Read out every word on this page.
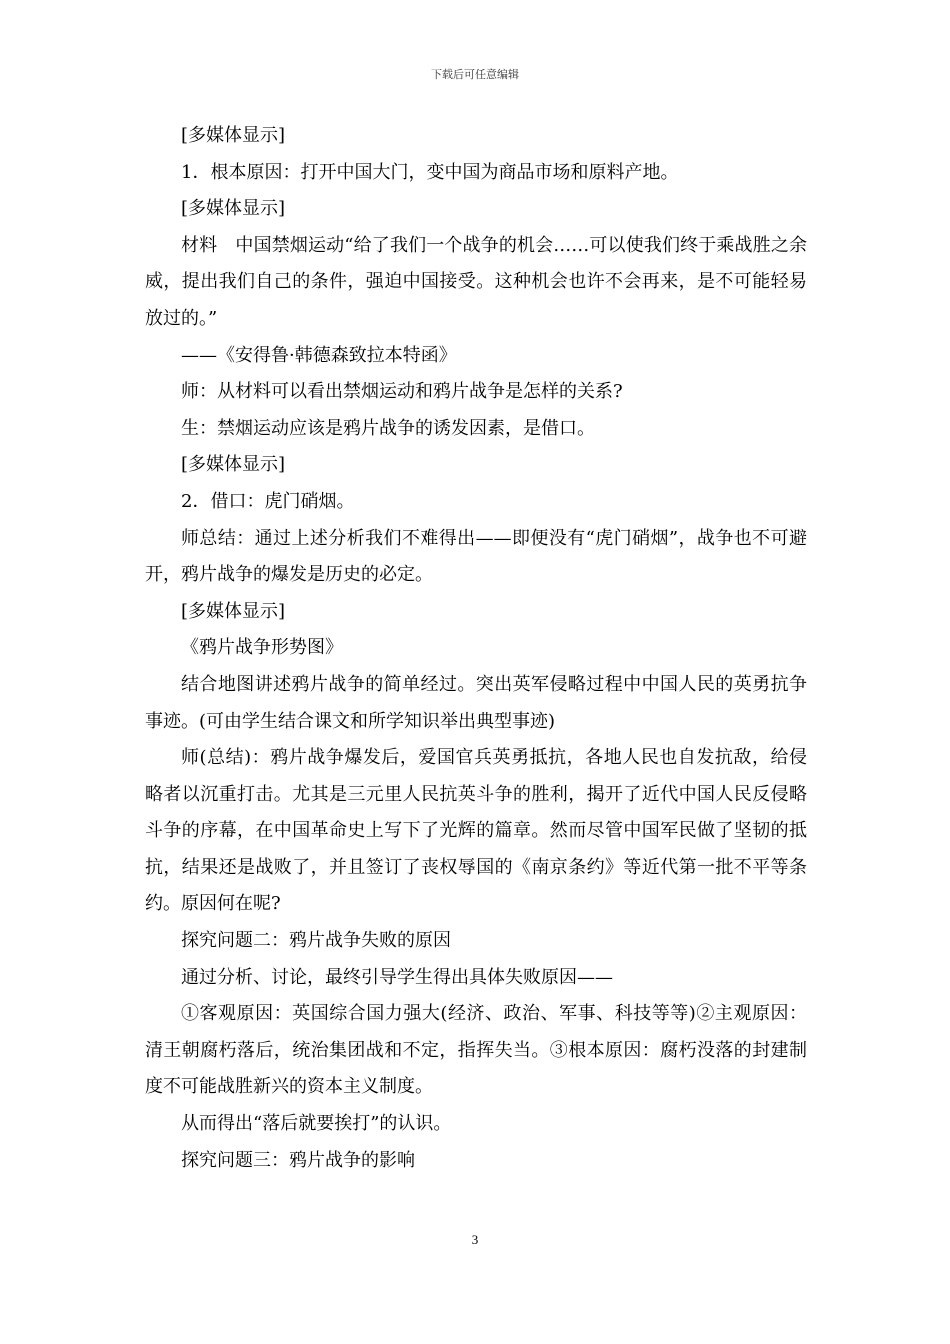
下载后可任意编辑

[多媒体显示]

1．根本原因：打开中国大门，变中国为商品市场和原料产地。

[多媒体显示]

材料　中国禁烟运动“给了我们一个战争的机会……可以使我们终于乘战胜之余威，提出我们自己的条件，强迫中国接受。这种机会也许不会再来，是不可能轻易放过的。”

——《安得鲁·韩德森致拉本特函》

师：从材料可以看出禁烟运动和鸦片战争是怎样的关系?

生：禁烟运动应该是鸦片战争的诱发因素，是借口。

[多媒体显示]

2．借口：虎门硝烟。

师总结：通过上述分析我们不难得出——即便没有“虎门硝烟”，战争也不可避开，鸦片战争的爆发是历史的必定。

[多媒体显示]

《鸦片战争形势图》

结合地图讲述鸦片战争的简单经过。突出英军侵略过程中中国人民的英勇抗争事迹。(可由学生结合课文和所学知识举出典型事迹)

师(总结)：鸦片战争爆发后，爱国官兵英勇抵抗，各地人民也自发抗敌，给侵略者以沉重打击。尤其是三元里人民抗英斗争的胜利，揭开了近代中国人民反侵略斗争的序幕，在中国革命史上写下了光辉的篇章。然而尽管中国军民做了坚韧的抵抗，结果还是战败了，并且签订了丧权辱国的《南京条约》等近代第一批不平等条约。原因何在呢?

探究问题二：鸦片战争失败的原因

通过分析、讨论，最终引导学生得出具体失败原因——

①客观原因：英国综合国力强大(经济、政治、军事、科技等等)②主观原因：清王朝腐朽落后，统治集团战和不定，指挥失当。③根本原因：腐朽没落的封建制度不可能战胜新兴的资本主义制度。

从而得出“落后就要挨打”的认识。

探究问题三：鸦片战争的影响

3
